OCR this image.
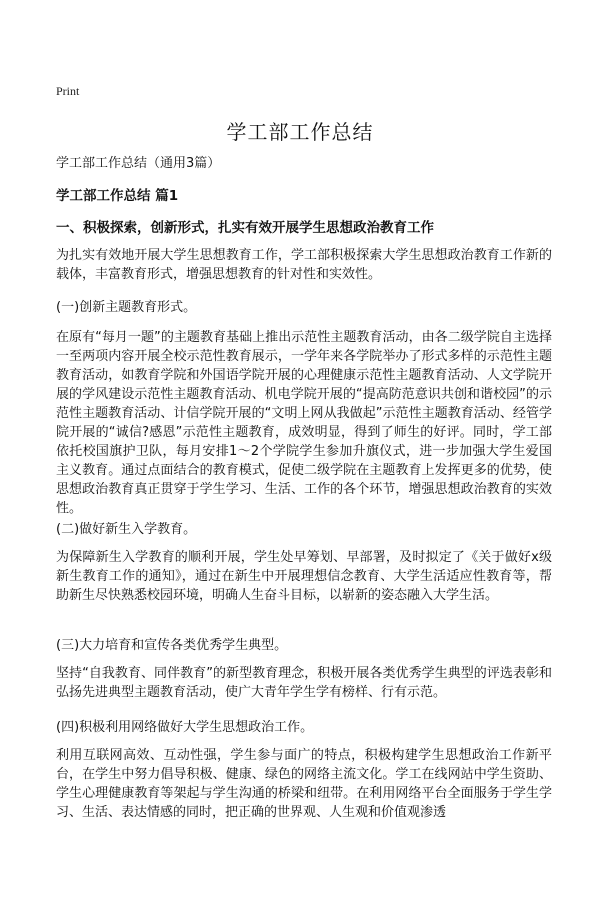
Print
学工部工作总结
学工部工作总结（通用3篇）
学工部工作总结 篇1
一、积极探索，创新形式，扎实有效开展学生思想政治教育工作
为扎实有效地开展大学生思想教育工作，学工部积极探索大学生思想政治教育工作新的载体，丰富教育形式，增强思想教育的针对性和实效性。
(一)创新主题教育形式。
在原有“每月一题”的主题教育基础上推出示范性主题教育活动，由各二级学院自主选择一至两项内容开展全校示范性教育展示，一学年来各学院举办了形式多样的示范性主题教育活动，如教育学院和外国语学院开展的心理健康示范性主题教育活动、人文学院开展的学风建设示范性主题教育活动、机电学院开展的“提高防范意识共创和谐校园”的示范性主题教育活动、计信学院开展的“文明上网从我做起”示范性主题教育活动、经管学院开展的“诚信?感恩”示范性主题教育，成效明显，得到了师生的好评。同时，学工部依托校国旗护卫队，每月安排1～2个学院学生参加升旗仪式，进一步加强大学生爱国主义教育。通过点面结合的教育模式，促使二级学院在主题教育上发挥更多的优势，使思想政治教育真正贯穿于学生学习、生活、工作的各个环节，增强思想政治教育的实效性。
(二)做好新生入学教育。
为保障新生入学教育的顺利开展，学生处早筹划、早部署，及时拟定了《关于做好x级新生教育工作的通知》，通过在新生中开展理想信念教育、大学生活适应性教育等，帮助新生尽快熟悉校园环境，明确人生奋斗目标，以崭新的姿态融入大学生活。
(三)大力培育和宣传各类优秀学生典型。
坚持“自我教育、同伴教育”的新型教育理念，积极开展各类优秀学生典型的评选表彰和弘扬先进典型主题教育活动，使广大青年学生学有榜样、行有示范。
(四)积极利用网络做好大学生思想政治工作。
利用互联网高效、互动性强，学生参与面广的特点，积极构建学生思想政治工作新平台，在学生中努力倡导积极、健康、绿色的网络主流文化。学工在线网站中学生资助、学生心理健康教育等架起与学生沟通的桥梁和纽带。在利用网络平台全面服务于学生学习、生活、表达情感的同时，把正确的世界观、人生观和价值观渗透
